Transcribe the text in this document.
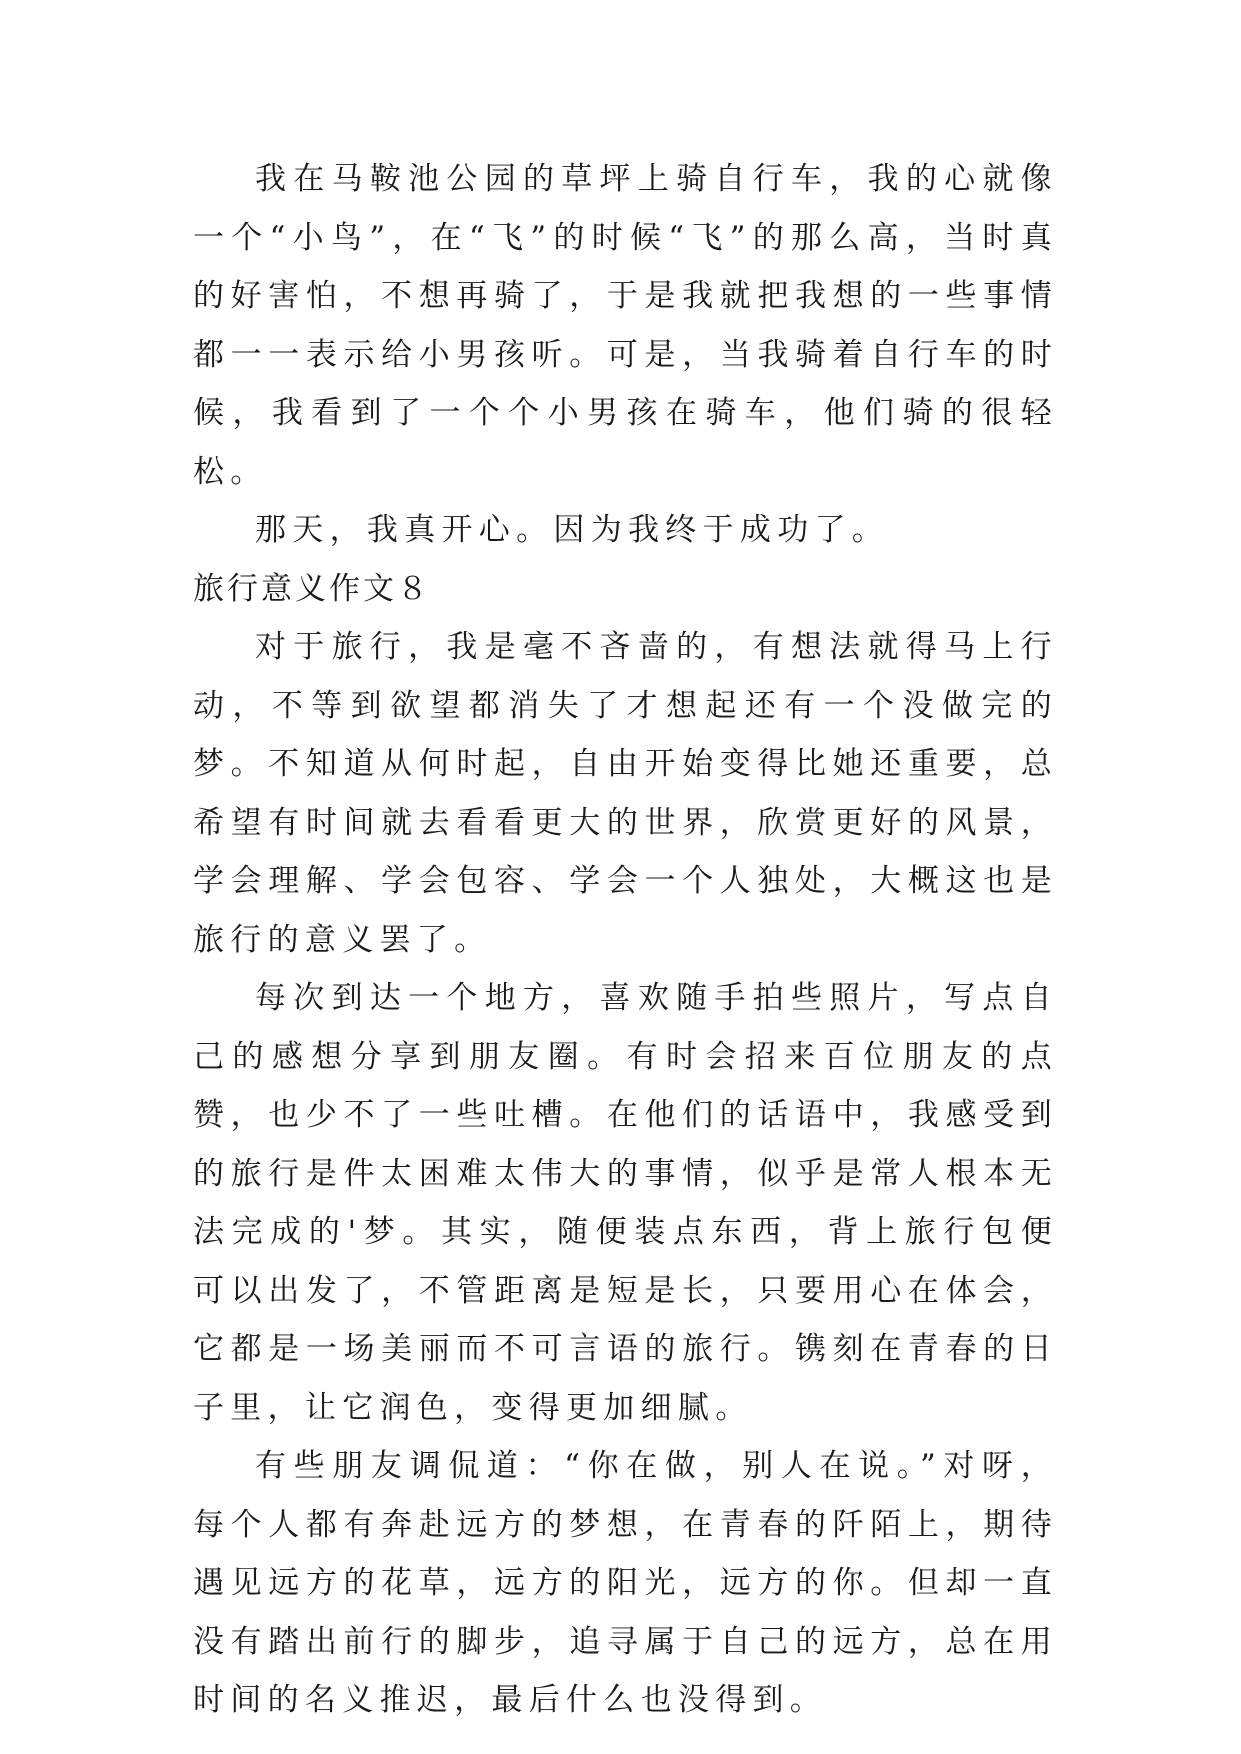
我在马鞍池公园的草坪上骑自行车，我的心就像一个“小鸟”，在“飞”的时候“飞”的那么高，当时真的好害怕，不想再骑了，于是我就把我想的一些事情都一一表示给小男孩听。可是，当我骑着自行车的时候，我看到了一个个小男孩在骑车，他们骑的很轻松。

那天，我真开心。因为我终于成功了。

旅行意义作文８

对于旅行，我是毫不吝啬的，有想法就得马上行动，不等到欲望都消失了才想起还有一个没做完的梦。不知道从何时起，自由开始变得比她还重要，总希望有时间就去看看更大的世界，欣赏更好的风景，学会理解、学会包容、学会一个人独处，大概这也是旅行的意义罢了。

每次到达一个地方，喜欢随手拍些照片，写点自己的感想分享到朋友圈。有时会招来百位朋友的点赞，也少不了一些吐槽。在他们的话语中，我感受到的旅行是件太困难太伟大的事情，似乎是常人根本无法完成的'梦。其实，随便装点东西，背上旅行包便可以出发了，不管距离是短是长，只要用心在体会，它都是一场美丽而不可言语的旅行。镌刻在青春的日子里，让它润色，变得更加细腻。

有些朋友调侃道：“你在做，别人在说。”对呀，每个人都有奔赴远方的梦想，在青春的阡陌上，期待遇见远方的花草，远方的阳光，远方的你。但却一直没有踏出前行的脚步，追寻属于自己的远方，总在用时间的名义推迟，最后什么也没得到。
